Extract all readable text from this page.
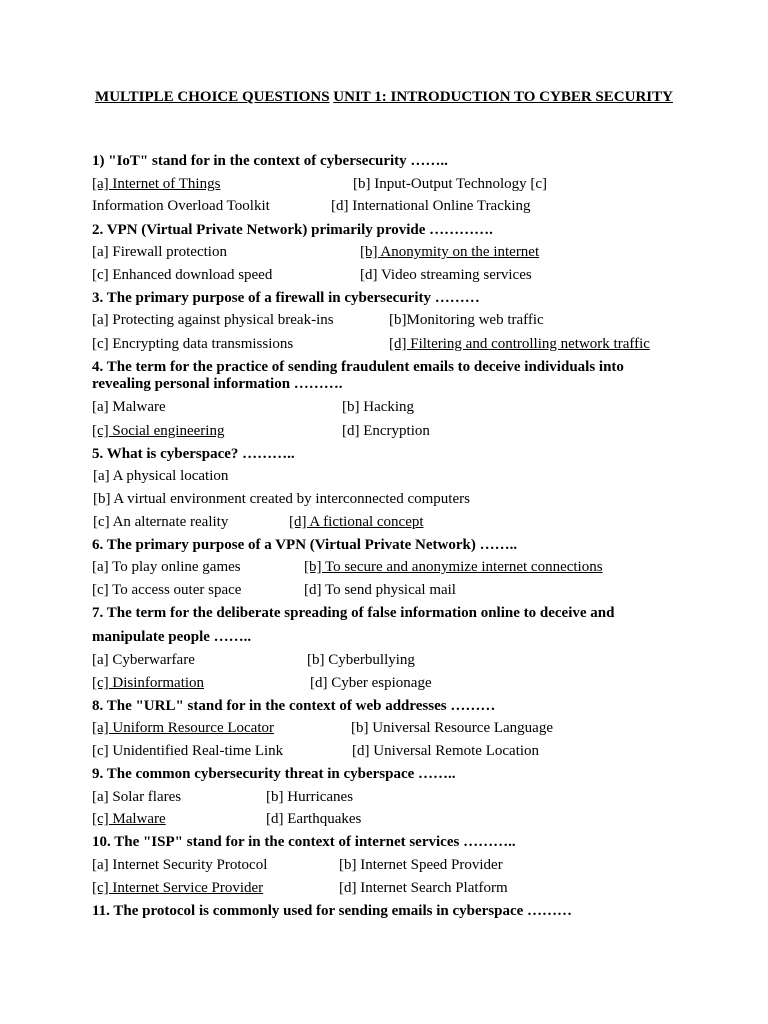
MULTIPLE CHOICE QUESTIONS UNIT 1: INTRODUCTION TO CYBER SECURITY
1) "IoT" stand for in the context of cybersecurity ……..
[a] Internet of Things	[b] Input-Output Technology [c]
Information Overload Toolkit	[d] International Online Tracking
2. VPN (Virtual Private Network) primarily provide ………….
[a] Firewall protection	[b] Anonymity on the internet
[c] Enhanced download speed	[d] Video streaming services
3. The primary purpose of a firewall in cybersecurity ………
[a] Protecting against physical break-ins	[b]Monitoring web traffic
[c] Encrypting data transmissions	[d] Filtering and controlling network traffic
4. The term for the practice of sending fraudulent emails to deceive individuals into
revealing personal information ……….
[a] Malware	[b] Hacking
[c] Social engineering	[d] Encryption
5. What is cyberspace? ………..
[a] A physical location
[b] A virtual environment created by interconnected computers
[c] An alternate reality	[d] A fictional concept
6. The primary purpose of a VPN (Virtual Private Network) ……..
[a] To play online games	[b] To secure and anonymize internet connections
[c] To access outer space	[d] To send physical mail
7. The term for the deliberate spreading of false information online to deceive and
manipulate people ……..
[a] Cyberwarfare	[b] Cyberbullying
[c] Disinformation	[d] Cyber espionage
8. The "URL" stand for in the context of web addresses ………
[a] Uniform Resource Locator	[b] Universal Resource Language
[c] Unidentified Real-time Link	[d] Universal Remote Location
9. The common cybersecurity threat in cyberspace ……..
[a] Solar flares	[b] Hurricanes
[c] Malware	[d] Earthquakes
10. The "ISP" stand for in the context of internet services ………..
[a] Internet Security Protocol	[b] Internet Speed Provider
[c] Internet Service Provider	[d] Internet Search Platform
11. The protocol is commonly used for sending emails in cyberspace ………
